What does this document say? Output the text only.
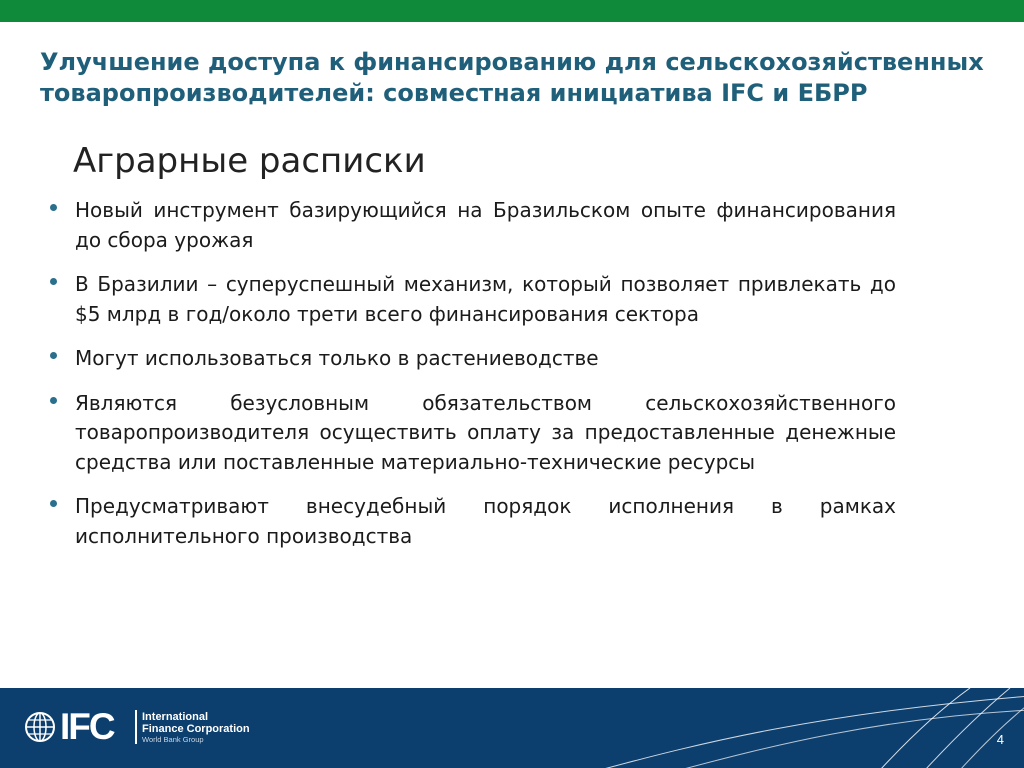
Улучшение доступа к финансированию для сельскохозяйственных товаропроизводителей: совместная инициатива IFC и ЕБРР
Аграрные расписки
Новый инструмент базирующийся на Бразильском опыте финансирования до сбора урожая
В Бразилии – суперуспешный механизм, который позволяет привлекать до $5 млрд в год/около трети всего финансирования сектора
Могут использоваться только в растениеводстве
Являются безусловным обязательством сельскохозяйственного товаропроизводителя осуществить оплату за предоставленные денежные средства или поставленные материально-технические ресурсы
Предусматривают внесудебный порядок исполнения в рамках исполнительного производства
IFC	International
Finance Corporation
World Bank Group	4
